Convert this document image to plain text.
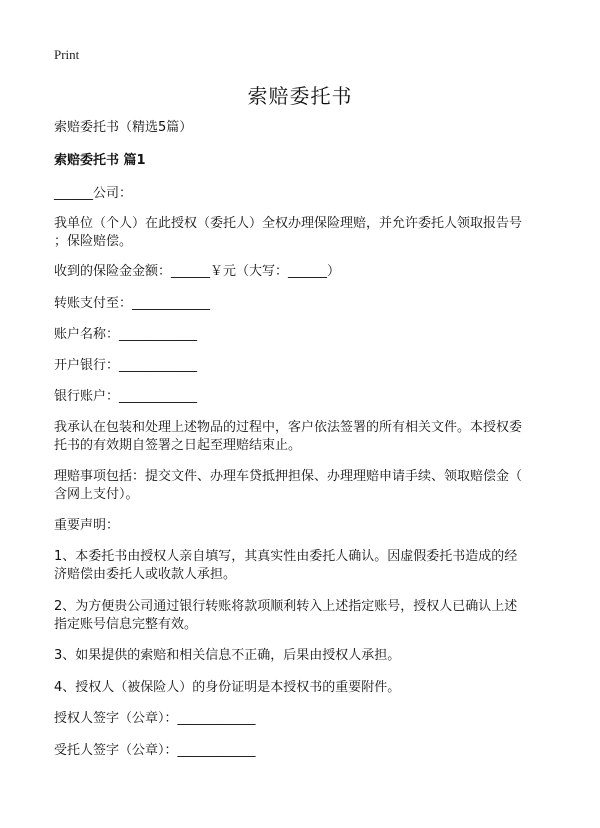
Print
索赔委托书
索赔委托书（精选5篇）
索赔委托书 篇1
______公司：
我单位（个人）在此授权（委托人）全权办理保险理赔，并允许委托人领取报告号
；保险赔偿。
收到的保险金金额：______￥元（大写：______）
转账支付至：____________
账户名称：____________
开户银行：____________
银行账户：____________
我承认在包装和处理上述物品的过程中，客户依法签署的所有相关文件。本授权委
托书的有效期自签署之日起至理赔结束止。
理赔事项包括：提交文件、办理车贷抵押担保、办理理赔申请手续、领取赔偿金（
含网上支付）。
重要声明：
1、本委托书由授权人亲自填写，其真实性由委托人确认。因虚假委托书造成的经
济赔偿由委托人或收款人承担。
2、为方便贵公司通过银行转账将款项顺利转入上述指定账号，授权人已确认上述
指定账号信息完整有效。
3、如果提供的索赔和相关信息不正确，后果由授权人承担。
4、授权人（被保险人）的身份证明是本授权书的重要附件。
授权人签字（公章）：____________
受托人签字（公章）：____________
